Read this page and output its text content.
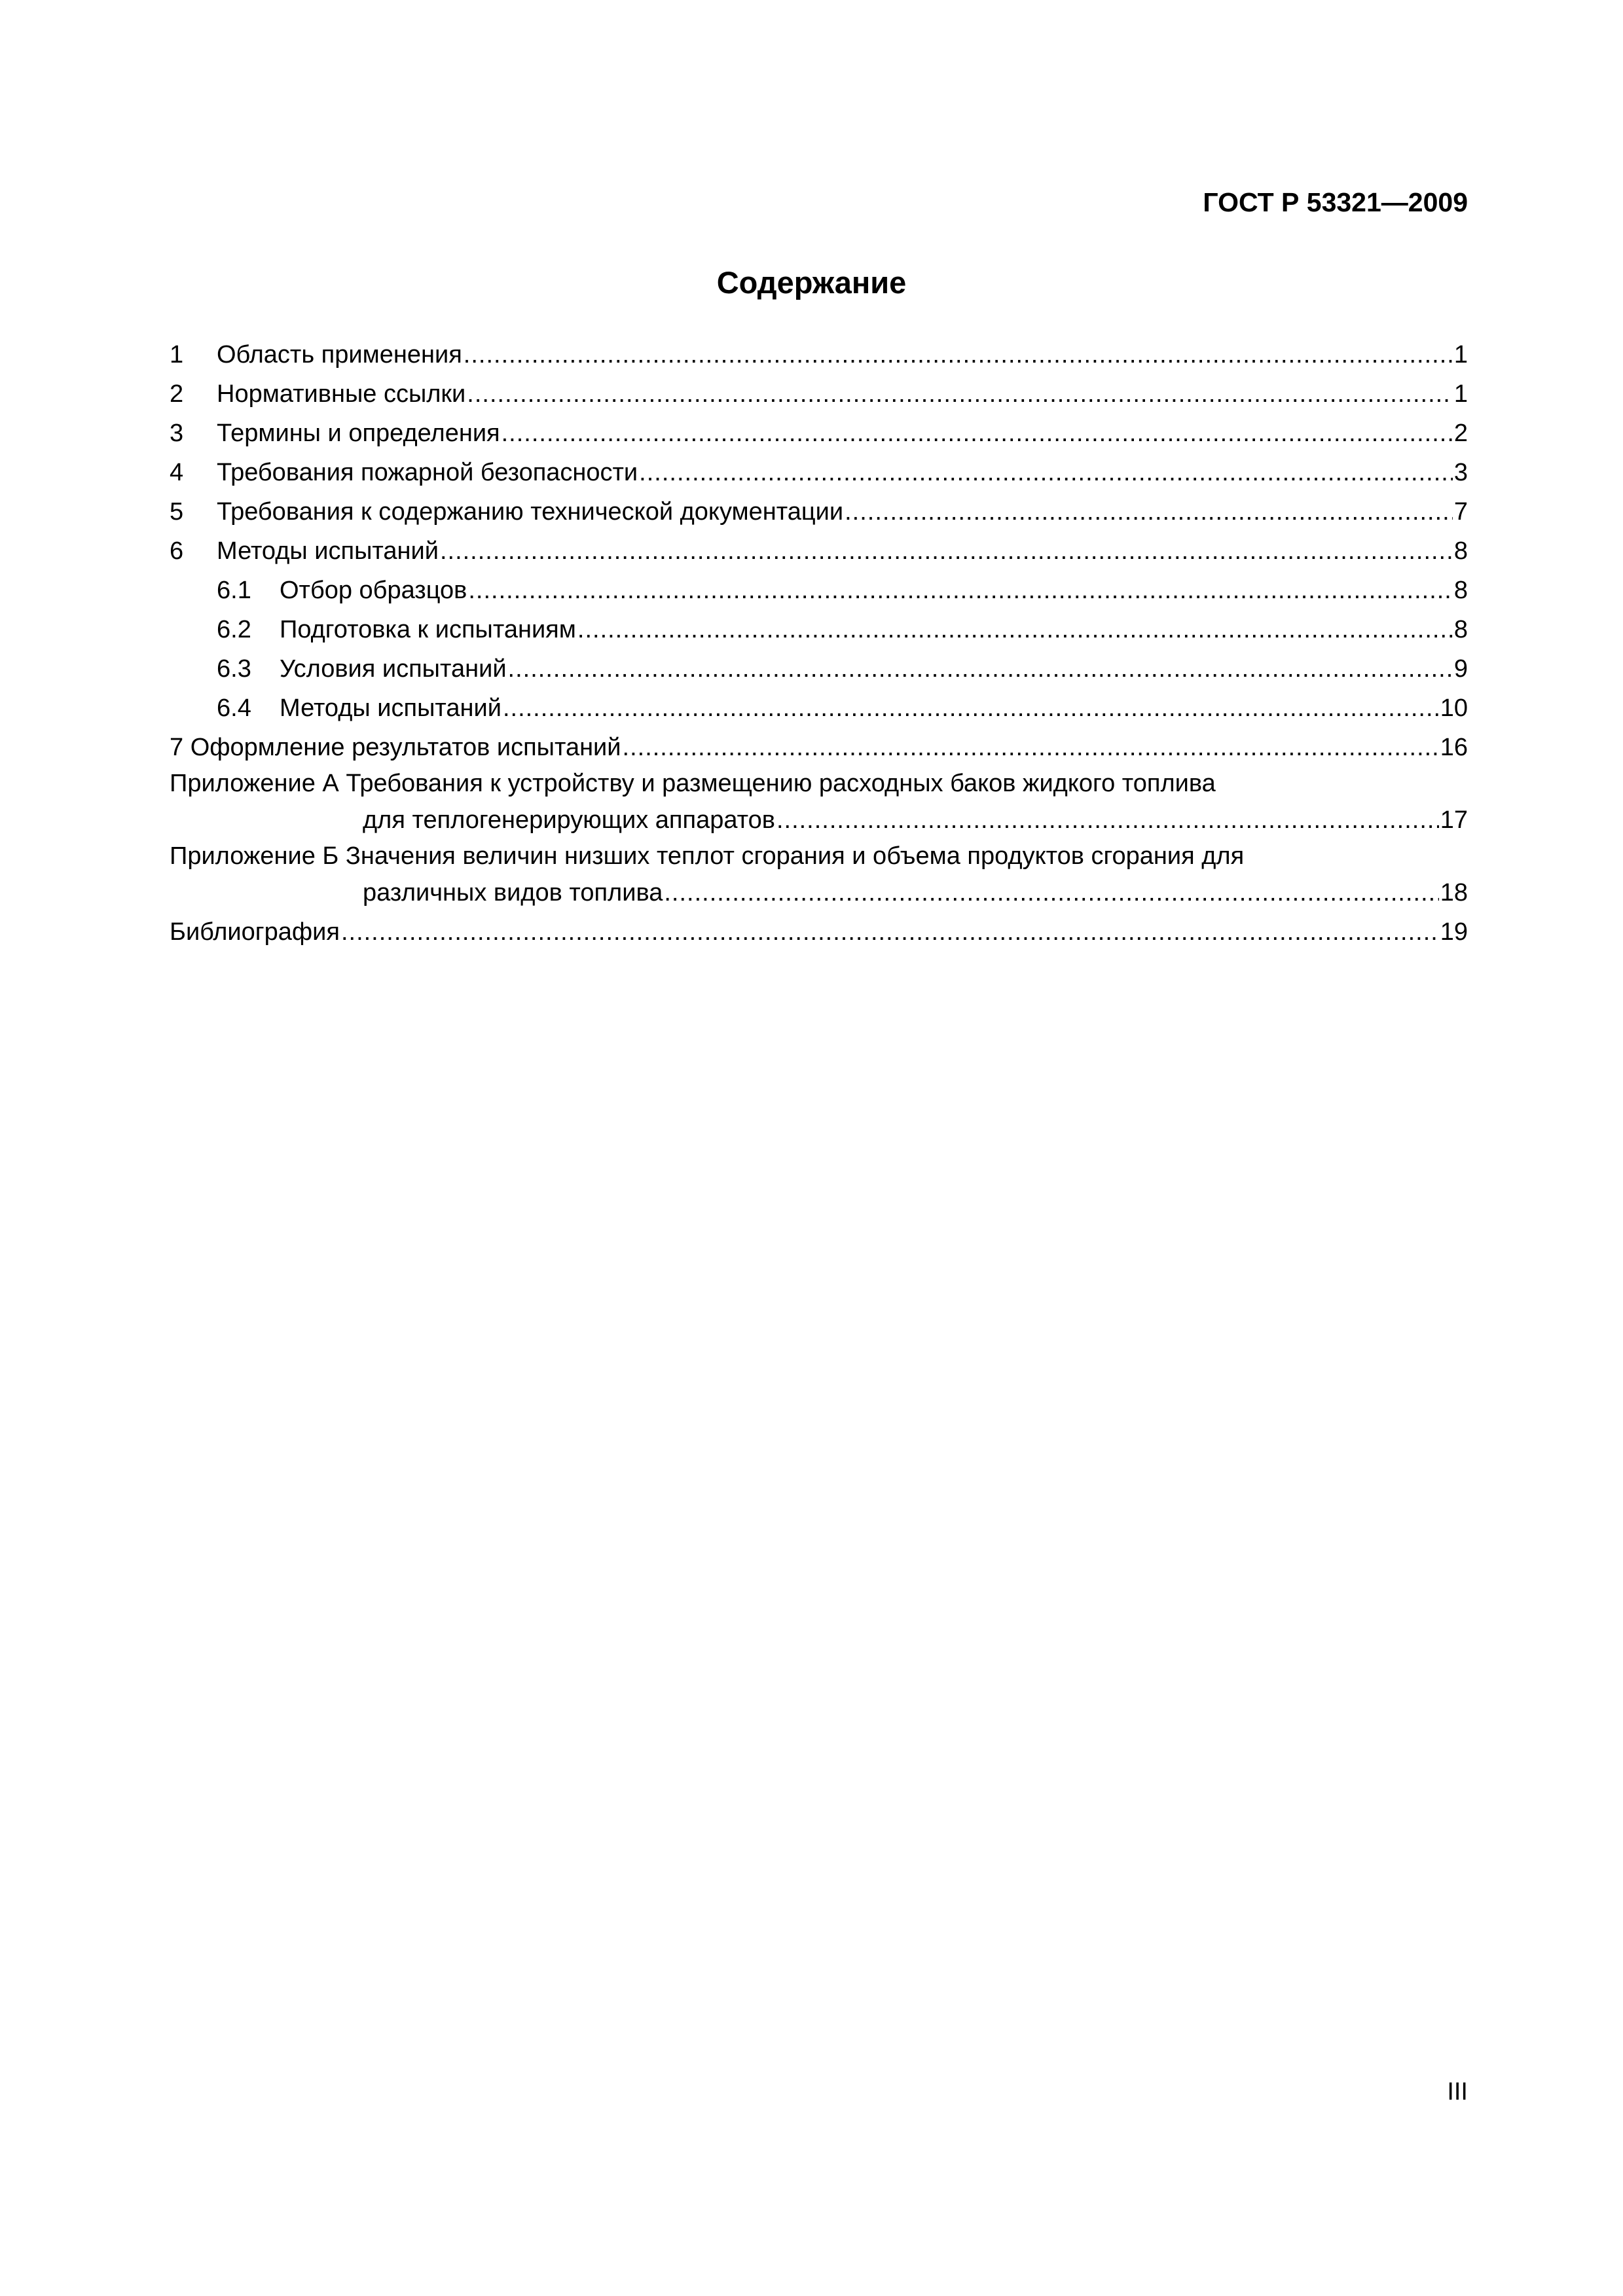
ГОСТ Р 53321—2009
Содержание
1	Область применения .....	1
2	Нормативные ссылки .....	1
3	Термины и определения .....	2
4	Требования пожарной безопасности .....	3
5	Требования к содержанию технической документации .....	7
6	Методы испытаний .....	8
6.1	Отбор образцов .....	8
6.2	Подготовка к испытаниям .....	8
6.3	Условия испытаний .....	9
6.4	Методы испытаний .....	10
7 Оформление результатов испытаний .....	16
Приложение А Требования к устройству и размещению расходных баков жидкого топлива
для теплогенерирующих аппаратов .....	17
Приложение Б Значения величин низших теплот сгорания и объема продуктов сгорания для
различных видов топлива .....	18
Библиография .....	19
III
